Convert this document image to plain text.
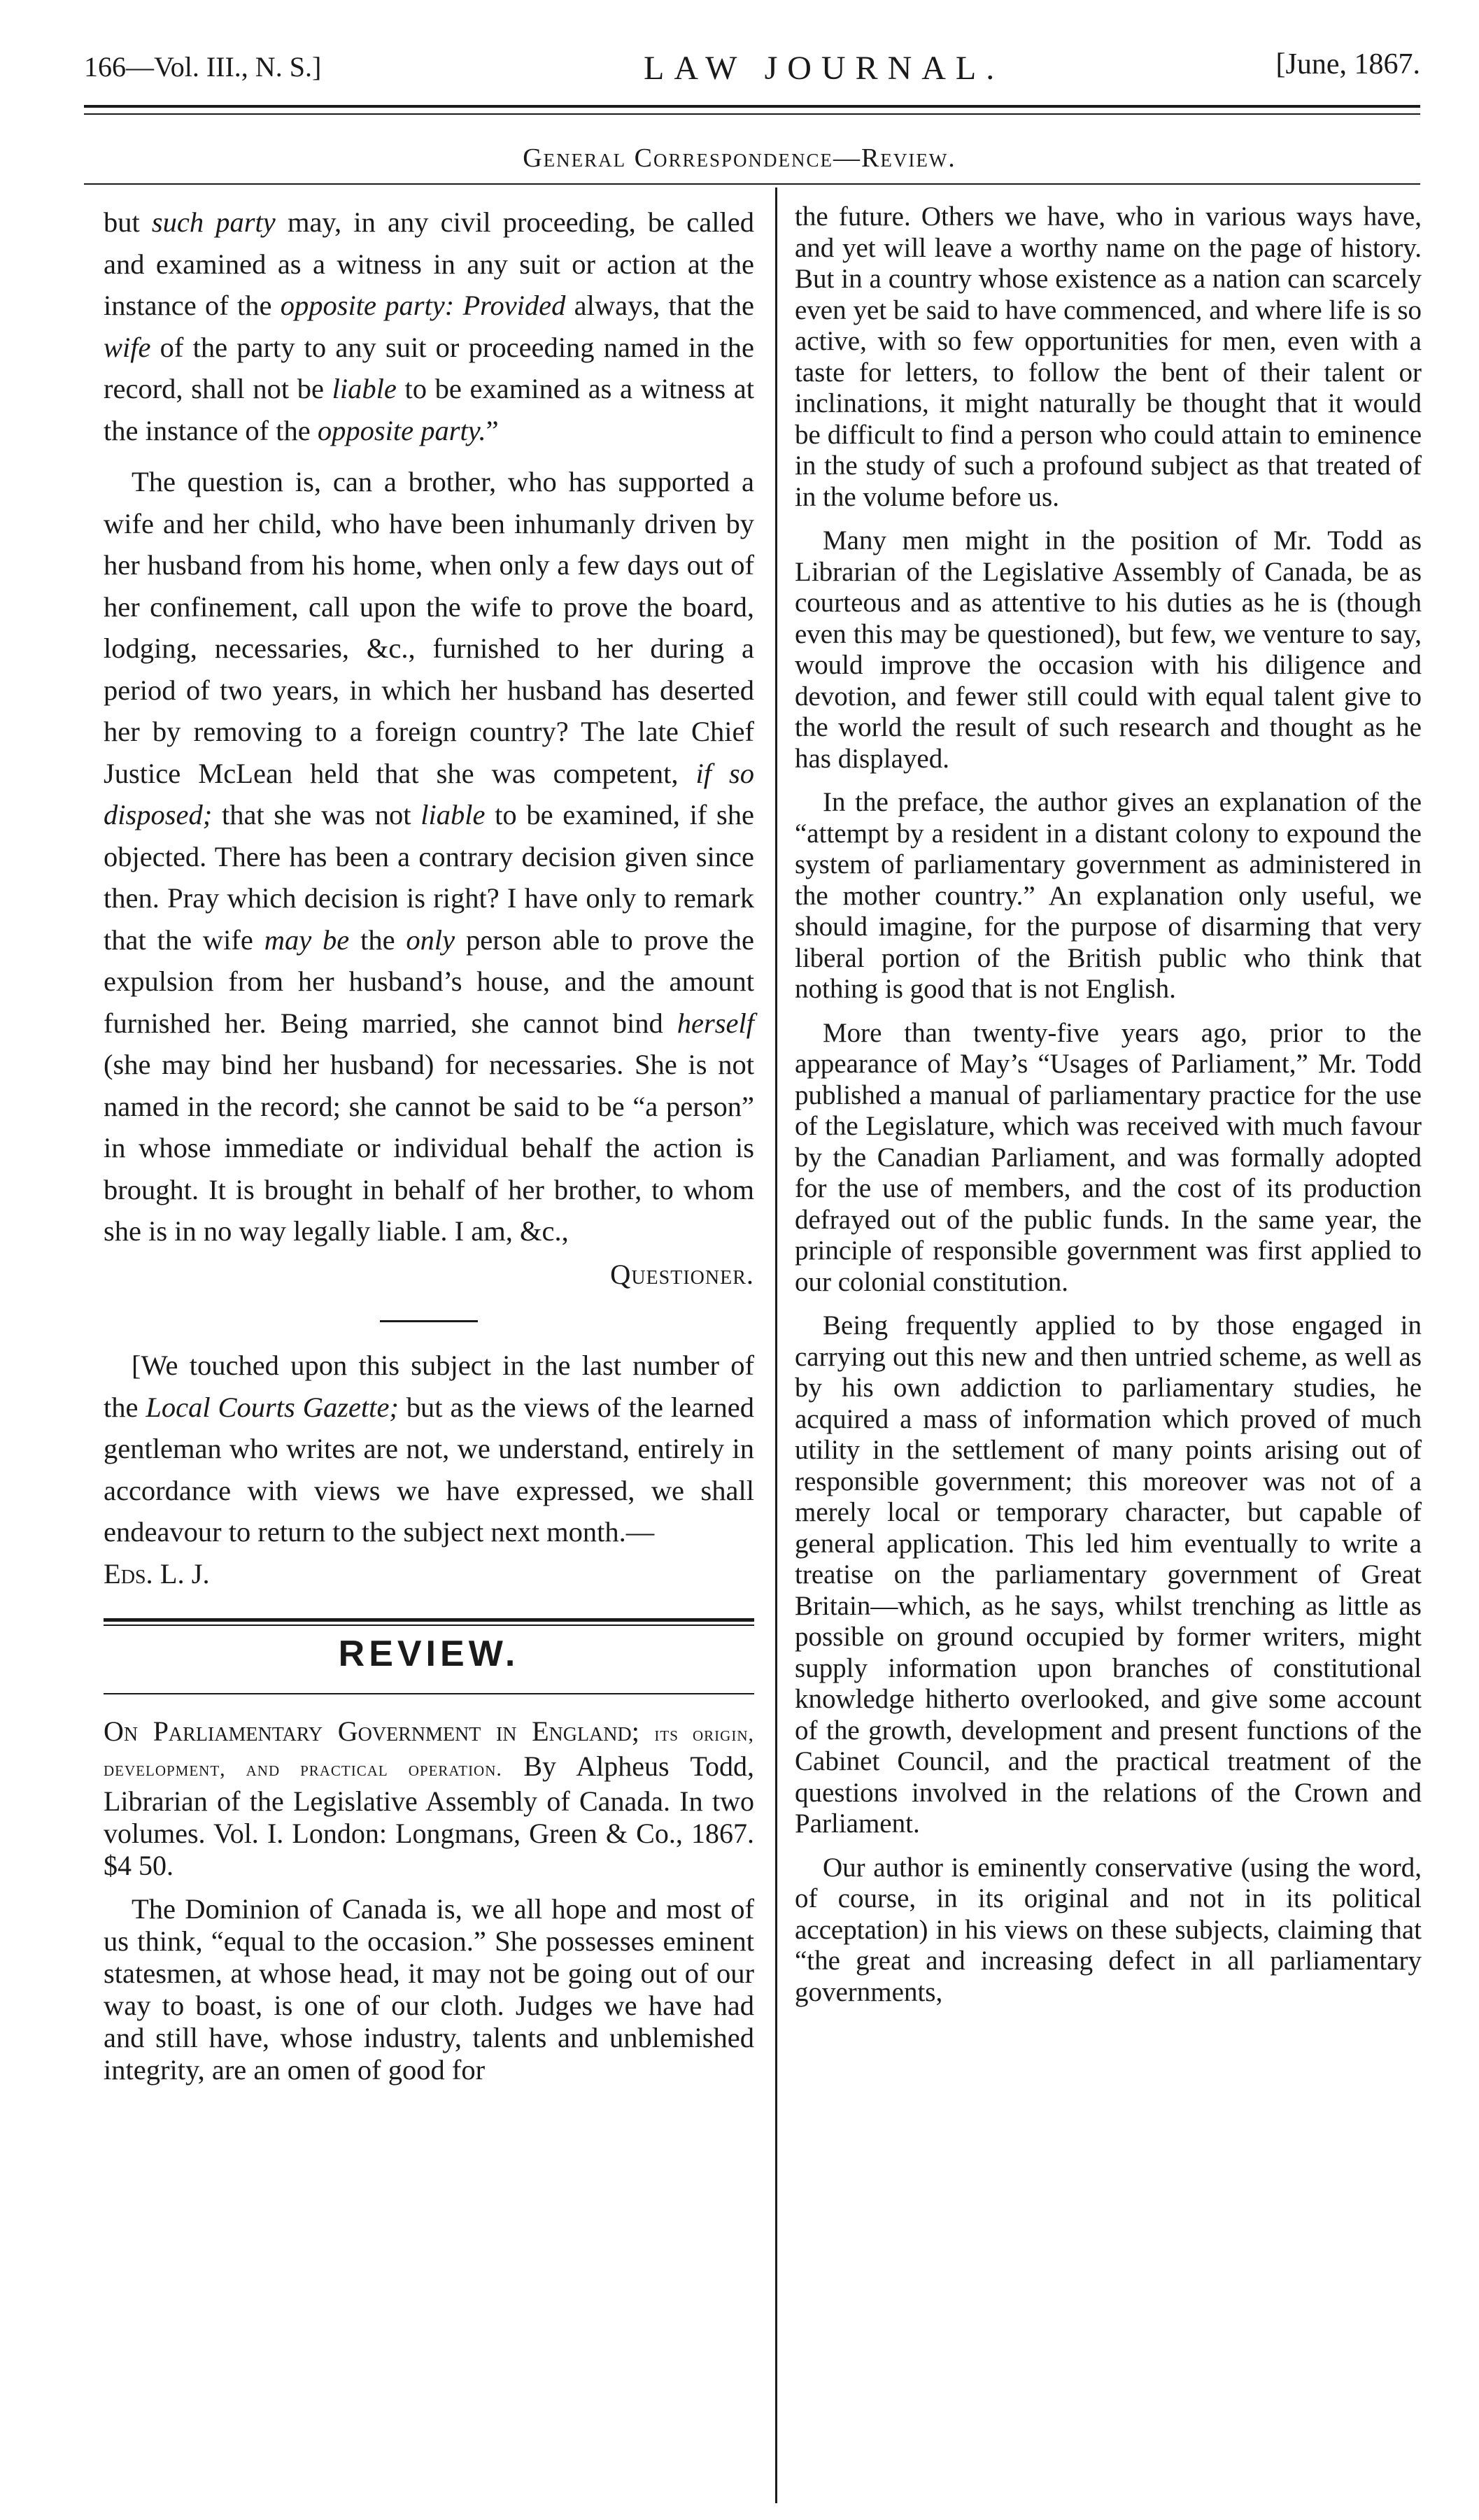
166—Vol. III., N. S.]	LAW JOURNAL.	[June, 1867.
General Correspondence—Review.

but such party may, in any civil proceeding, be called and examined as a witness in any suit or action at the instance of the opposite party: Provided always, that the wife of the party to any suit or proceeding named in the record, shall not be liable to be examined as a witness at the instance of the opposite party.”

The question is, can a brother, who has supported a wife and her child, who have been inhumanly driven by her husband from his home, when only a few days out of her confinement, call upon the wife to prove the board, lodging, necessaries, &c., furnished to her during a period of two years, in which her husband has deserted her by removing to a foreign country? The late Chief Justice McLean held that she was competent, if so disposed; that she was not liable to be examined, if she objected. There has been a contrary decision given since then. Pray which decision is right? I have only to remark that the wife may be the only person able to prove the expulsion from her husband’s house, and the amount furnished her. Being married, she cannot bind herself (she may bind her husband) for necessaries. She is not named in the record; she cannot be said to be “a person” in whose immediate or individual behalf the action is brought. It is brought in behalf of her brother, to whom she is in no way legally liable. I am, &c.,

Questioner.

[We touched upon this subject in the last number of the Local Courts Gazette; but as the views of the learned gentleman who writes are not, we understand, entirely in accordance with views we have expressed, we shall endeavour to return to the subject next month.—

Eds. L. J.

REVIEW.

On Parliamentary Government in England; its origin, development, and practical operation. By Alpheus Todd, Librarian of the Legislative Assembly of Canada. In two volumes. Vol. I. London: Longmans, Green & Co., 1867. $4 50.

The Dominion of Canada is, we all hope and most of us think, “equal to the occasion.” She possesses eminent statesmen, at whose head, it may not be going out of our way to boast, is one of our cloth. Judges we have had and still have, whose industry, talents and unblemished integrity, are an omen of good for

the future. Others we have, who in various ways have, and yet will leave a worthy name on the page of history. But in a country whose existence as a nation can scarcely even yet be said to have commenced, and where life is so active, with so few opportunities for men, even with a taste for letters, to follow the bent of their talent or inclinations, it might naturally be thought that it would be difficult to find a person who could attain to eminence in the study of such a profound subject as that treated of in the volume before us.

Many men might in the position of Mr. Todd as Librarian of the Legislative Assembly of Canada, be as courteous and as attentive to his duties as he is (though even this may be questioned), but few, we venture to say, would improve the occasion with his diligence and devotion, and fewer still could with equal talent give to the world the result of such research and thought as he has displayed.

In the preface, the author gives an explanation of the “attempt by a resident in a distant colony to expound the system of parliamentary government as administered in the mother country.” An explanation only useful, we should imagine, for the purpose of disarming that very liberal portion of the British public who think that nothing is good that is not English.

More than twenty-five years ago, prior to the appearance of May’s “Usages of Parliament,” Mr. Todd published a manual of parliamentary practice for the use of the Legislature, which was received with much favour by the Canadian Parliament, and was formally adopted for the use of members, and the cost of its production defrayed out of the public funds. In the same year, the principle of responsible government was first applied to our colonial constitution.

Being frequently applied to by those engaged in carrying out this new and then untried scheme, as well as by his own addiction to parliamentary studies, he acquired a mass of information which proved of much utility in the settlement of many points arising out of responsible government; this moreover was not of a merely local or temporary character, but capable of general application. This led him eventually to write a treatise on the parliamentary government of Great Britain—which, as he says, whilst trenching as little as possible on ground occupied by former writers, might supply information upon branches of constitutional knowledge hitherto overlooked, and give some account of the growth, development and present functions of the Cabinet Council, and the practical treatment of the questions involved in the relations of the Crown and Parliament.

Our author is eminently conservative (using the word, of course, in its original and not in its political acceptation) in his views on these subjects, claiming that “the great and increasing defect in all parliamentary governments,
